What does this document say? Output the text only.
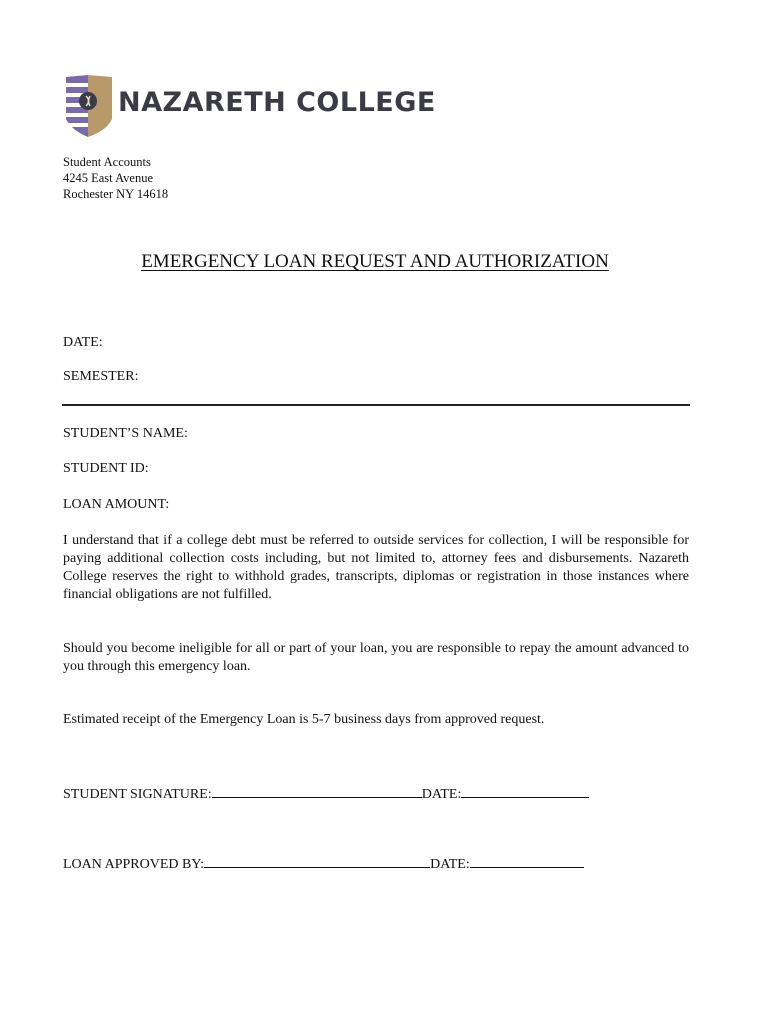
NAZARETH COLLEGE
Student Accounts
4245 East Avenue
Rochester NY 14618
EMERGENCY LOAN REQUEST AND AUTHORIZATION
DATE:
SEMESTER:
STUDENT’S NAME:
STUDENT ID:
LOAN AMOUNT:

I understand that if a college debt must be referred to outside services for collection, I will be responsible for paying additional collection costs including, but not limited to, attorney fees and disbursements. Nazareth College reserves the right to withhold grades, transcripts, diplomas or registration in those instances where financial obligations are not fulfilled.

Should you become ineligible for all or part of your loan, you are responsible to repay the amount advanced to you through this emergency loan.

Estimated receipt of the Emergency Loan is 5-7 business days from approved request.

STUDENT SIGNATURE:	DATE:
LOAN APPROVED BY:	DATE:
